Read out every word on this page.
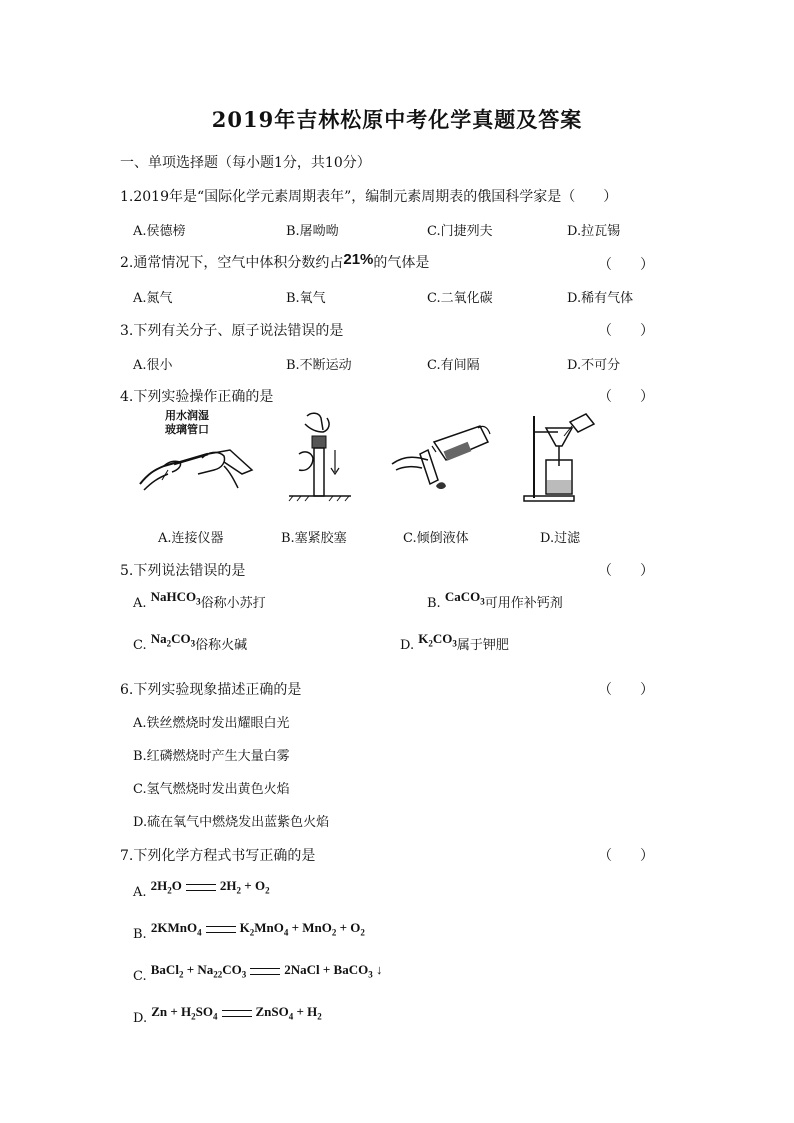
2019年吉林松原中考化学真题及答案
一、单项选择题（每小题1分，共10分）
1.2019年是“国际化学元素周期表年”，编制元素周期表的俄国科学家是（　　）
A.侯德榜	B.屠呦呦	C.门捷列夫	D.拉瓦锡
2.通常情况下，空气中体积分数约占21%的气体是	（　　）
A.氮气	B.氧气	C.二氧化碳	D.稀有气体
3.下列有关分子、原子说法错误的是	（　　）
A.很小	B.不断运动	C.有间隔	D.不可分
4.下列实验操作正确的是	（　　）
用水润湿
玻璃管口
A.连接仪器	B.塞紧胶塞	C.倾倒液体	D.过滤
5.下列说法错误的是	（　　）
A. NaHCO$_3$俗称小苏打	B. CaCO$_3$可用作补钙剂
C. $Na_2CO_3$俗称火碱	D. $K_2CO_3$属于钾肥
6.下列实验现象描述正确的是	（　　）
A.铁丝燃烧时发出耀眼白光
B.红磷燃烧时产生大量白雾
C.氢气燃烧时发出黄色火焰
D.硫在氧气中燃烧发出蓝紫色火焰
7.下列化学方程式书写正确的是	（　　）
A. $2H_2O$	$2H_2 + O_2$
B. 2KMnO$_4$	$K_2MnO_4 + MnO_2 + O_2$
C. BaCl$_2$ + $Na_{22}CO_3$	2NaCl + BaCO$_3$ ↓
D. $Zn + H_2SO_4$	ZnSO$_4$ + $H_2$
